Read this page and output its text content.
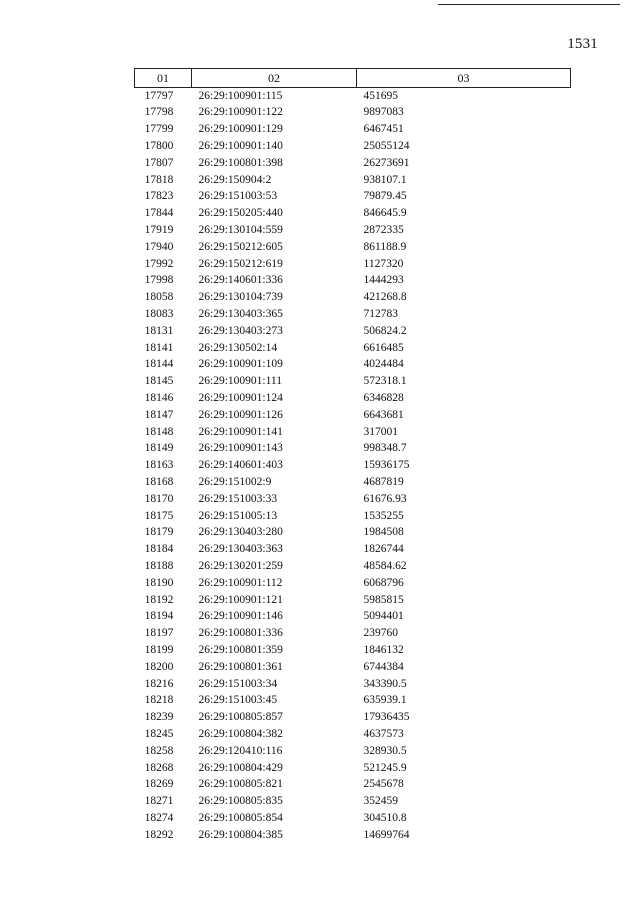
1531
01	02	03
17797	26:29:100901:115	451695
17798	26:29:100901:122	9897083
17799	26:29:100901:129	6467451
17800	26:29:100901:140	25055124
17807	26:29:100801:398	26273691
17818	26:29:150904:2	938107.1
17823	26:29:151003:53	79879.45
17844	26:29:150205:440	846645.9
17919	26:29:130104:559	2872335
17940	26:29:150212:605	861188.9
17992	26:29:150212:619	1127320
17998	26:29:140601:336	1444293
18058	26:29:130104:739	421268.8
18083	26:29:130403:365	712783
18131	26:29:130403:273	506824.2
18141	26:29:130502:14	6616485
18144	26:29:100901:109	4024484
18145	26:29:100901:111	572318.1
18146	26:29:100901:124	6346828
18147	26:29:100901:126	6643681
18148	26:29:100901:141	317001
18149	26:29:100901:143	998348.7
18163	26:29:140601:403	15936175
18168	26:29:151002:9	4687819
18170	26:29:151003:33	61676.93
18175	26:29:151005:13	1535255
18179	26:29:130403:280	1984508
18184	26:29:130403:363	1826744
18188	26:29:130201:259	48584.62
18190	26:29:100901:112	6068796
18192	26:29:100901:121	5985815
18194	26:29:100901:146	5094401
18197	26:29:100801:336	239760
18199	26:29:100801:359	1846132
18200	26:29:100801:361	6744384
18216	26:29:151003:34	343390.5
18218	26:29:151003:45	635939.1
18239	26:29:100805:857	17936435
18245	26:29:100804:382	4637573
18258	26:29:120410:116	328930.5
18268	26:29:100804:429	521245.9
18269	26:29:100805:821	2545678
18271	26:29:100805:835	352459
18274	26:29:100805:854	304510.8
18292	26:29:100804:385	14699764
